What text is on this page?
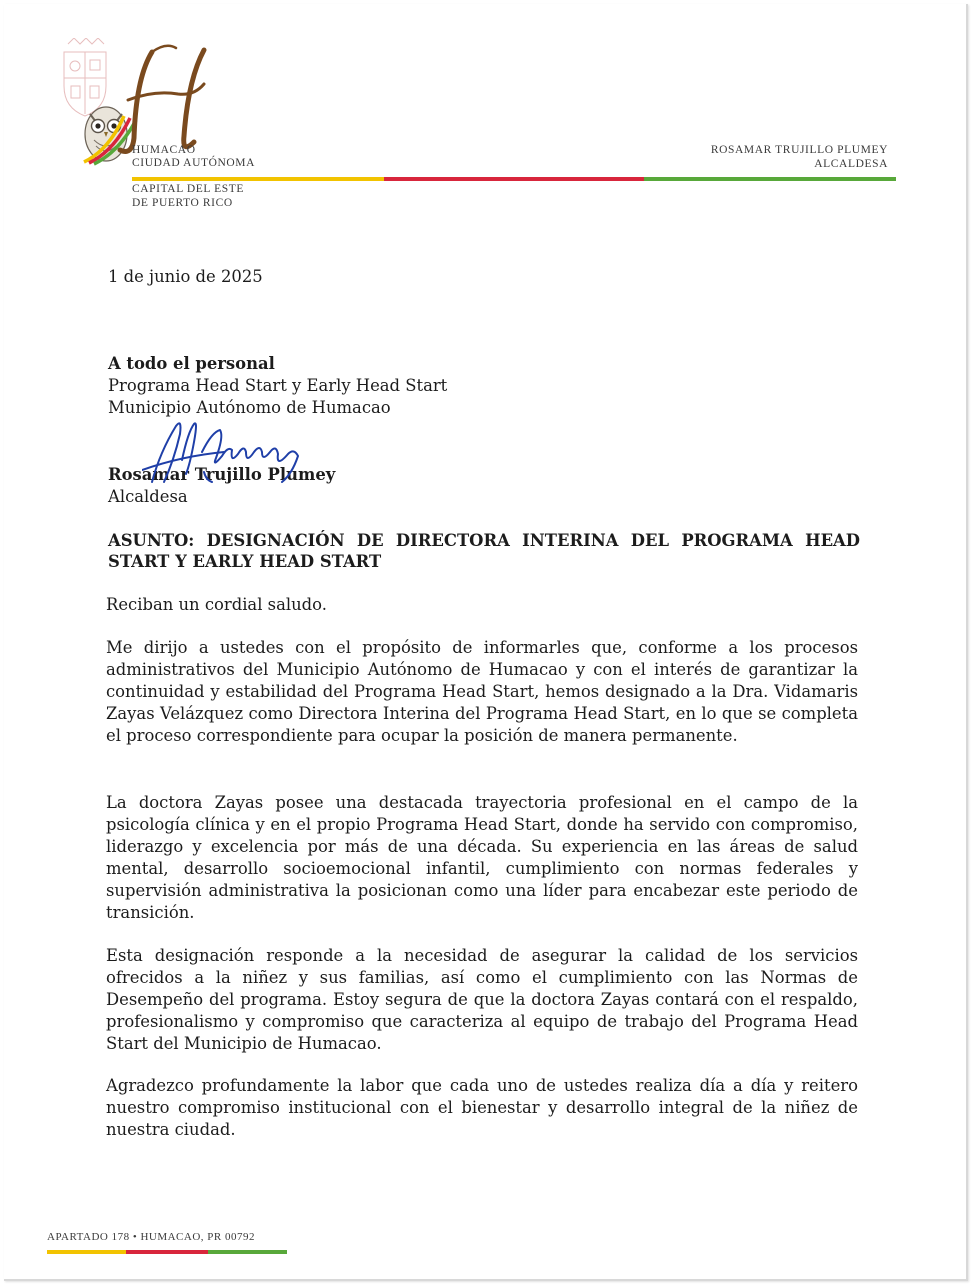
HUMACAO
CIUDAD AUTÓNOMA
ROSAMAR TRUJILLO PLUMEY
ALCALDESA
CAPITAL DEL ESTE
DE PUERTO RICO
1 de junio de 2025
A todo el personal
Programa Head Start y Early Head Start
Municipio Autónomo de Humacao
Rosamar Trujillo Plumey
Alcaldesa
ASUNTO: DESIGNACIÓN DE DIRECTORA INTERINA DEL PROGRAMA HEAD START Y EARLY HEAD START
Reciban un cordial saludo.
Me dirijo a ustedes con el propósito de informarles que, conforme a los procesos administrativos del Municipio Autónomo de Humacao y con el interés de garantizar la continuidad y estabilidad del Programa Head Start, hemos designado a la Dra. Vidamaris Zayas Velázquez como Directora Interina del Programa Head Start, en lo que se completa el proceso correspondiente para ocupar la posición de manera permanente.
La doctora Zayas posee una destacada trayectoria profesional en el campo de la psicología clínica y en el propio Programa Head Start, donde ha servido con compromiso, liderazgo y excelencia por más de una década. Su experiencia en las áreas de salud mental, desarrollo socioemocional infantil, cumplimiento con normas federales y supervisión administrativa la posicionan como una líder para encabezar este periodo de transición.
Esta designación responde a la necesidad de asegurar la calidad de los servicios ofrecidos a la niñez y sus familias, así como el cumplimiento con las Normas de Desempeño del programa. Estoy segura de que la doctora Zayas contará con el respaldo, profesionalismo y compromiso que caracteriza al equipo de trabajo del Programa Head Start del Municipio de Humacao.
Agradezco profundamente la labor que cada uno de ustedes realiza día a día y reitero nuestro compromiso institucional con el bienestar y desarrollo integral de la niñez de nuestra ciudad.
APARTADO 178 • HUMACAO, PR 00792
